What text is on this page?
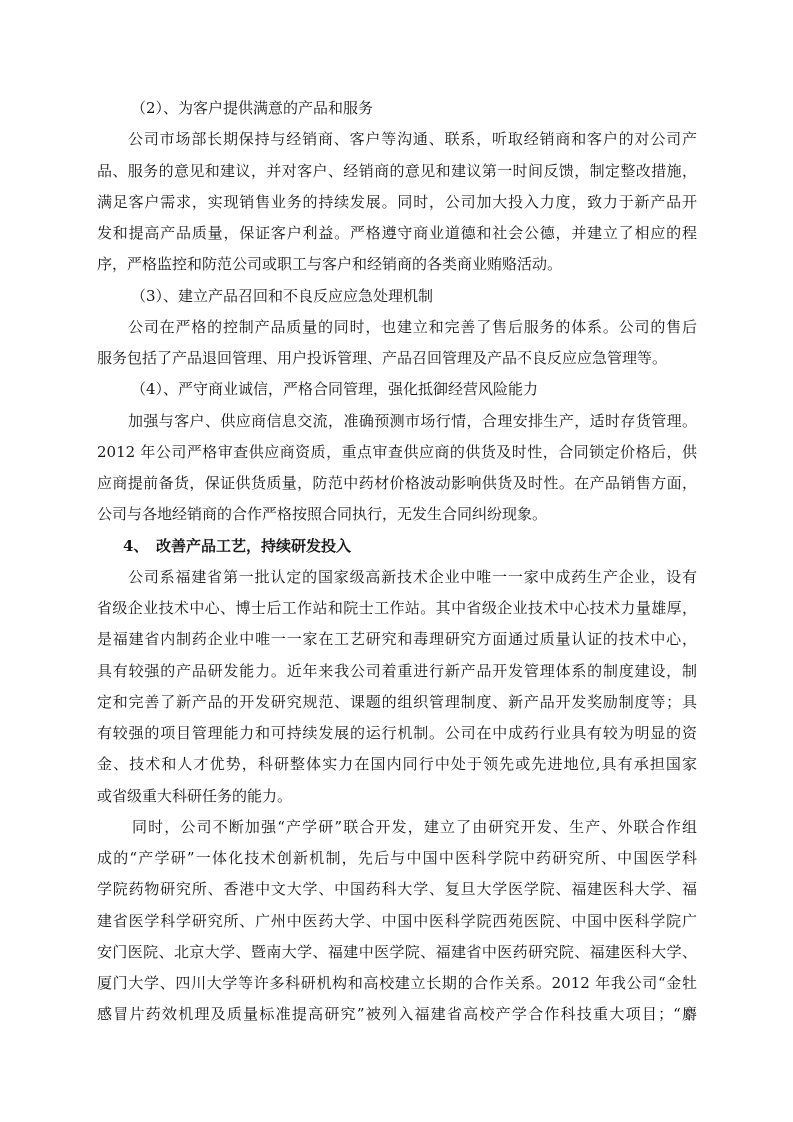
（2）、为客户提供满意的产品和服务
公司市场部长期保持与经销商、客户等沟通、联系，听取经销商和客户的对公司产
品、服务的意见和建议，并对客户、经销商的意见和建议第一时间反馈，制定整改措施，
满足客户需求，实现销售业务的持续发展。同时，公司加大投入力度，致力于新产品开
发和提高产品质量，保证客户利益。严格遵守商业道德和社会公德，并建立了相应的程
序，严格监控和防范公司或职工与客户和经销商的各类商业贿赂活动。
（3）、建立产品召回和不良反应应急处理机制
公司在严格的控制产品质量的同时，也建立和完善了售后服务的体系。公司的售后
服务包括了产品退回管理、用户投诉管理、产品召回管理及产品不良反应应急管理等。
（4）、严守商业诚信，严格合同管理，强化抵御经营风险能力
加强与客户、供应商信息交流，准确预测市场行情，合理安排生产，适时存货管理。
2012 年公司严格审查供应商资质，重点审查供应商的供货及时性，合同锁定价格后，供
应商提前备货，保证供货质量，防范中药材价格波动影响供货及时性。在产品销售方面，
公司与各地经销商的合作严格按照合同执行，无发生合同纠纷现象。
4、 改善产品工艺，持续研发投入
公司系福建省第一批认定的国家级高新技术企业中唯一一家中成药生产企业，设有
省级企业技术中心、博士后工作站和院士工作站。其中省级企业技术中心技术力量雄厚，
是福建省内制药企业中唯一一家在工艺研究和毒理研究方面通过质量认证的技术中心，
具有较强的产品研发能力。近年来我公司着重进行新产品开发管理体系的制度建设，制
定和完善了新产品的开发研究规范、课题的组织管理制度、新产品开发奖励制度等；具
有较强的项目管理能力和可持续发展的运行机制。公司在中成药行业具有较为明显的资
金、技术和人才优势，科研整体实力在国内同行中处于领先或先进地位,具有承担国家
或省级重大科研任务的能力。
同时，公司不断加强“产学研”联合开发，建立了由研究开发、生产、外联合作组
成的“产学研”一体化技术创新机制，先后与中国中医科学院中药研究所、中国医学科
学院药物研究所、香港中文大学、中国药科大学、复旦大学医学院、福建医科大学、福
建省医学科学研究所、广州中医药大学、中国中医科学院西苑医院、中国中医科学院广
安门医院、北京大学、暨南大学、福建中医学院、福建省中医药研究院、福建医科大学、
厦门大学、四川大学等许多科研机构和高校建立长期的合作关系。2012 年我公司“金牡
感冒片药效机理及质量标准提高研究”被列入福建省高校产学合作科技重大项目；“麝
